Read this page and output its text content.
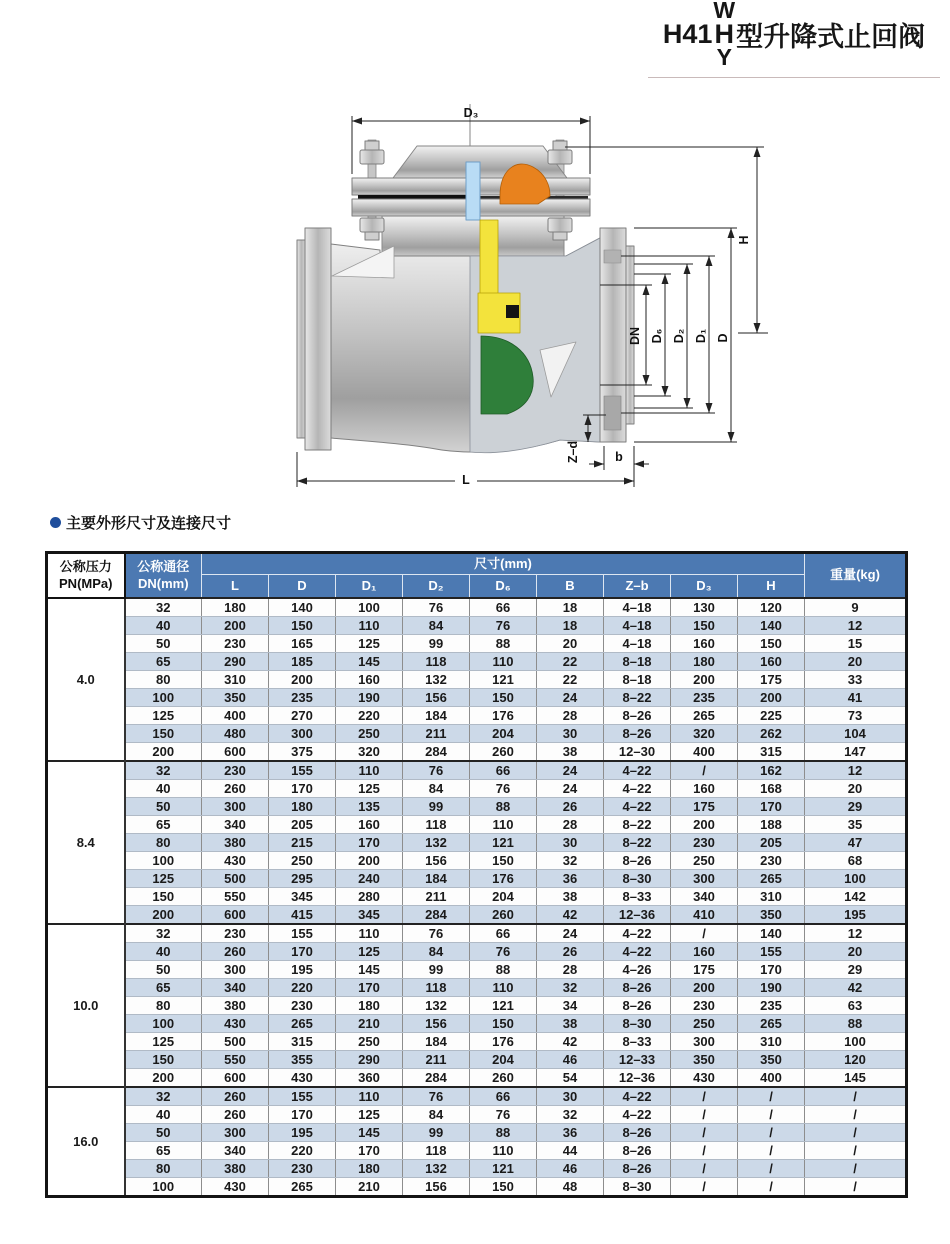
H41
W
H
Y
型升降式止回阀
D₃
H
D
D₁
D₂
D₆
DN
Z–d	b
L
主要外形尺寸及连接尺寸
公称压力
PN(MPa)	公称通径
DN(mm)	尺寸(mm)									重量(kg)
		L	D	D₁	D₂	D₆	B	Z–b	D₃	H	
4.0	32	180	140	100	76	66	18	4–18	130	120	9
	40	200	150	110	84	76	18	4–18	150	140	12
	50	230	165	125	99	88	20	4–18	160	150	15
	65	290	185	145	118	110	22	8–18	180	160	20
	80	310	200	160	132	121	22	8–18	200	175	33
	100	350	235	190	156	150	24	8–22	235	200	41
	125	400	270	220	184	176	28	8–26	265	225	73
	150	480	300	250	211	204	30	8–26	320	262	104
	200	600	375	320	284	260	38	12–30	400	315	147
8.4	32	230	155	110	76	66	24	4–22	/	162	12
	40	260	170	125	84	76	24	4–22	160	168	20
	50	300	180	135	99	88	26	4–22	175	170	29
	65	340	205	160	118	110	28	8–22	200	188	35
	80	380	215	170	132	121	30	8–22	230	205	47
	100	430	250	200	156	150	32	8–26	250	230	68
	125	500	295	240	184	176	36	8–30	300	265	100
	150	550	345	280	211	204	38	8–33	340	310	142
	200	600	415	345	284	260	42	12–36	410	350	195
10.0	32	230	155	110	76	66	24	4–22	/	140	12
	40	260	170	125	84	76	26	4–22	160	155	20
	50	300	195	145	99	88	28	4–26	175	170	29
	65	340	220	170	118	110	32	8–26	200	190	42
	80	380	230	180	132	121	34	8–26	230	235	63
	100	430	265	210	156	150	38	8–30	250	265	88
	125	500	315	250	184	176	42	8–33	300	310	100
	150	550	355	290	211	204	46	12–33	350	350	120
	200	600	430	360	284	260	54	12–36	430	400	145
16.0	32	260	155	110	76	66	30	4–22	/	/	/
	40	260	170	125	84	76	32	4–22	/	/	/
	50	300	195	145	99	88	36	8–26	/	/	/
	65	340	220	170	118	110	44	8–26	/	/	/
	80	380	230	180	132	121	46	8–26	/	/	/
	100	430	265	210	156	150	48	8–30	/	/	/
